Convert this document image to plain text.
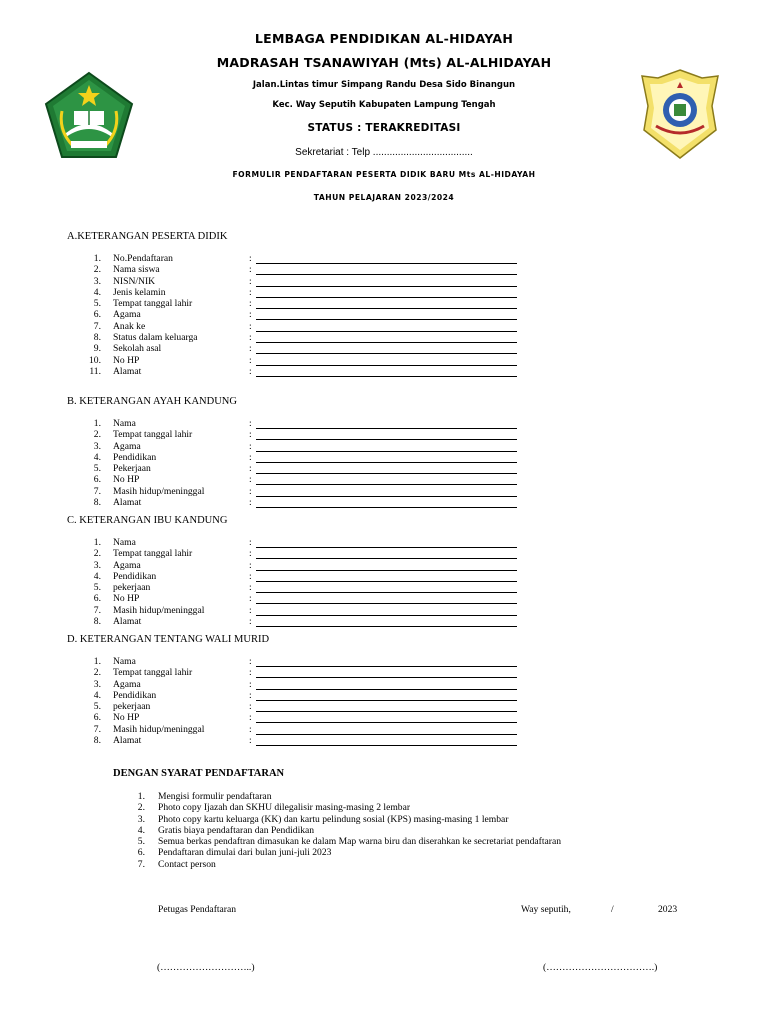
LEMBAGA PENDIDIKAN AL-HIDAYAH
MADRASAH TSANAWIYAH (Mts) AL-ALHIDAYAH
Jalan.Lintas timur Simpang Randu Desa Sido Binangun
Kec. Way Seputih Kabupaten Lampung Tengah
STATUS : TERAKREDITASI
Sekretariat : Telp ....................................
FORMULIR PENDAFTARAN PESERTA DIDIK BARU Mts AL-HIDAYAH
TAHUN PELAJARAN 2023/2024
A.KETERANGAN PESERTA DIDIK
1. No.Pendaftaran	:
2. Nama siswa	:
3. NISN/NIK	:
4. Jenis kelamin	:
5. Tempat tanggal lahir	:
6. Agama	:
7. Anak ke	:
8. Status dalam keluarga	:
9. Sekolah asal	:
10. No HP	:
11. Alamat	:
B. KETERANGAN AYAH KANDUNG
1. Nama	:
2. Tempat tanggal lahir	:
3. Agama	:
4. Pendidikan	:
5. Pekerjaan	:
6. No HP	:
7. Masih hidup/meninggal	:
8. Alamat	:
C. KETERANGAN IBU KANDUNG
1. Nama	:
2. Tempat tanggal lahir	:
3. Agama	:
4. Pendidikan	:
5. pekerjaan	:
6. No HP	:
7. Masih hidup/meninggal	:
8. Alamat	:
D. KETERANGAN TENTANG WALI MURID
1. Nama	:
2. Tempat tanggal lahir	:
3. Agama	:
4. Pendidikan	:
5. pekerjaan	:
6. No HP	:
7. Masih hidup/meninggal	:
8. Alamat	:
DENGAN SYARAT PENDAFTARAN
1. Mengisi formulir pendaftaran
2. Photo copy Ijazah dan SKHU dilegalisir masing-masing 2 lembar
3. Photo copy kartu keluarga (KK) dan kartu pelindung sosial (KPS) masing-masing 1 lembar
4. Gratis biaya pendaftaran dan Pendidikan
5. Semua berkas pendaftran dimasukan ke dalam Map warna biru dan diserahkan ke secretariat pendaftaran
6. Pendaftaran dimulai dari bulan juni-juli 2023
7. Contact person
Petugas Pendaftaran	Way seputih,	/	2023
(………………………..)	(…………………………….)
